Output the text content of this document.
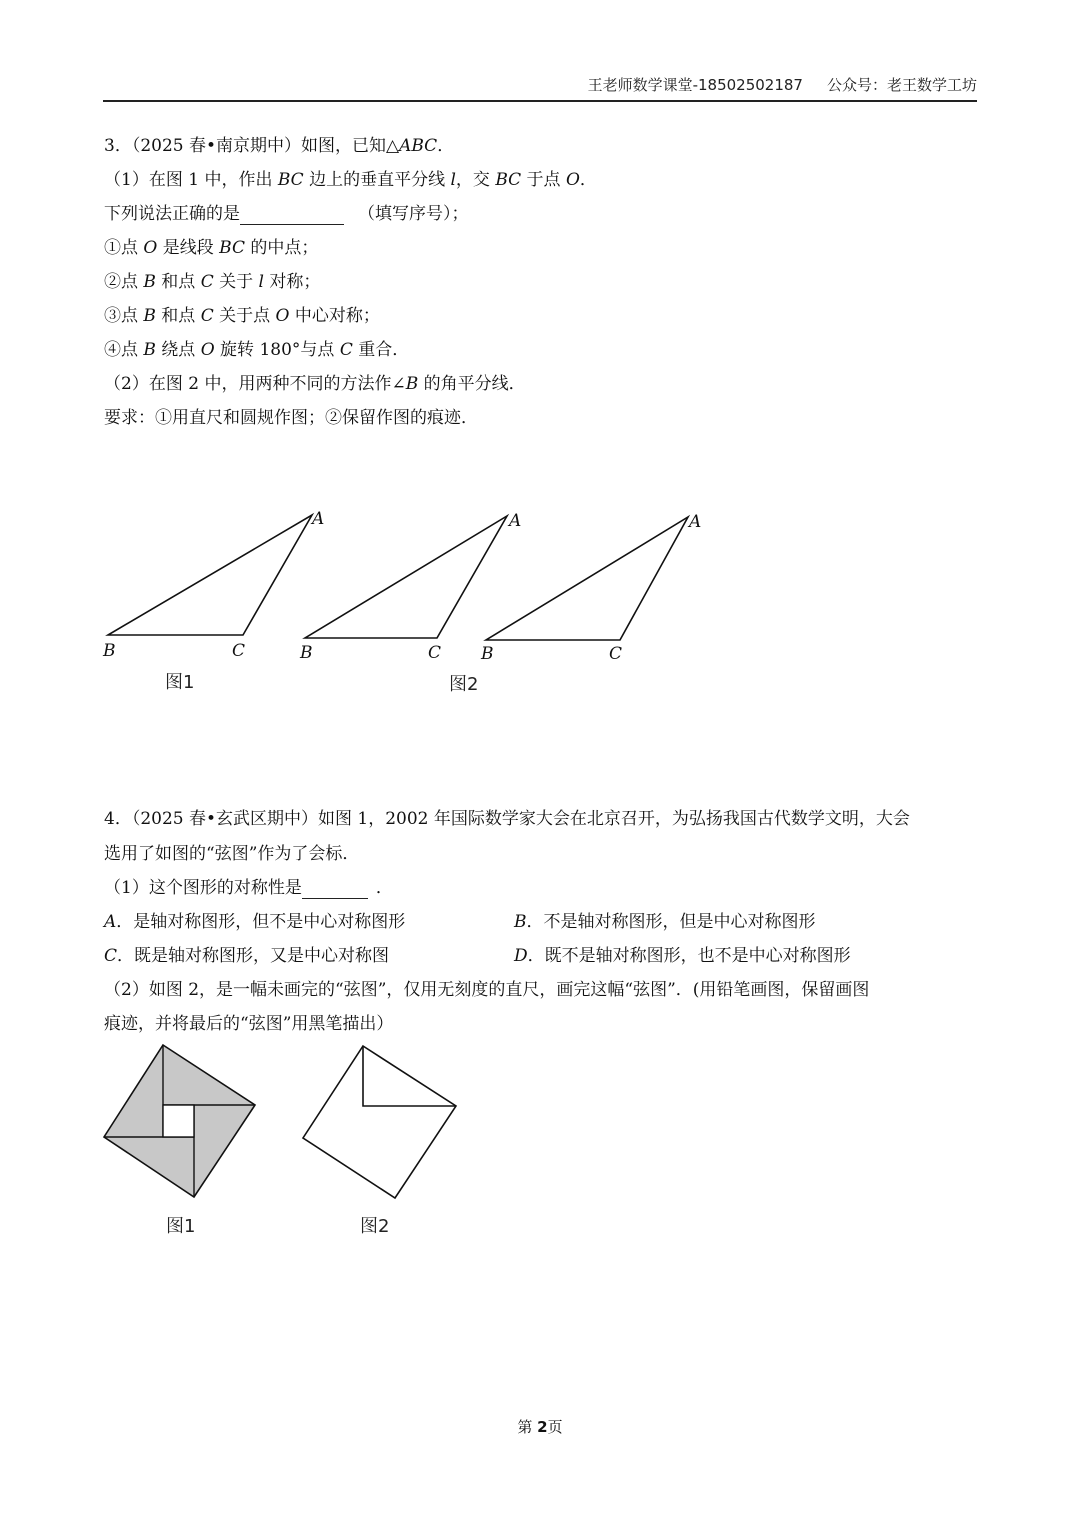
王老师数学课堂-18502502187 公众号：老王数学工坊
3．（2025 春•南京期中）如图，已知△ABC．
（1）在图 1 中，作出 BC 边上的垂直平分线 l，交 BC 于点 O．
下列说法正确的是	（填写序号）；
①点 O 是线段 BC 的中点；
②点 B 和点 C 关于 l 对称；
③点 B 和点 C 关于点 O 中心对称；
④点 B 绕点 O 旋转 180°与点 C 重合．
（2）在图 2 中，用两种不同的方法作∠B 的角平分线．
要求：①用直尺和圆规作图；②保留作图的痕迹．
A
B	C
A
B	C
A
B	C
图1	图2
4．（2025 春•玄武区期中）如图 1，2002 年国际数学家大会在北京召开，为弘扬我国古代数学文明，大会
选用了如图的“弦图”作为了会标．
（1）这个图形的对称性是	．
A．是轴对称图形，但不是中心对称图形	B．不是轴对称图形，但是中心对称图形
C．既是轴对称图形，又是中心对称图	D．既不是轴对称图形，也不是中心对称图形
（2）如图 2，是一幅未画完的“弦图”，仅用无刻度的直尺，画完这幅“弦图”．(用铅笔画图，保留画图
痕迹，并将最后的“弦图”用黑笔描出）
图1	图2
第 2页
